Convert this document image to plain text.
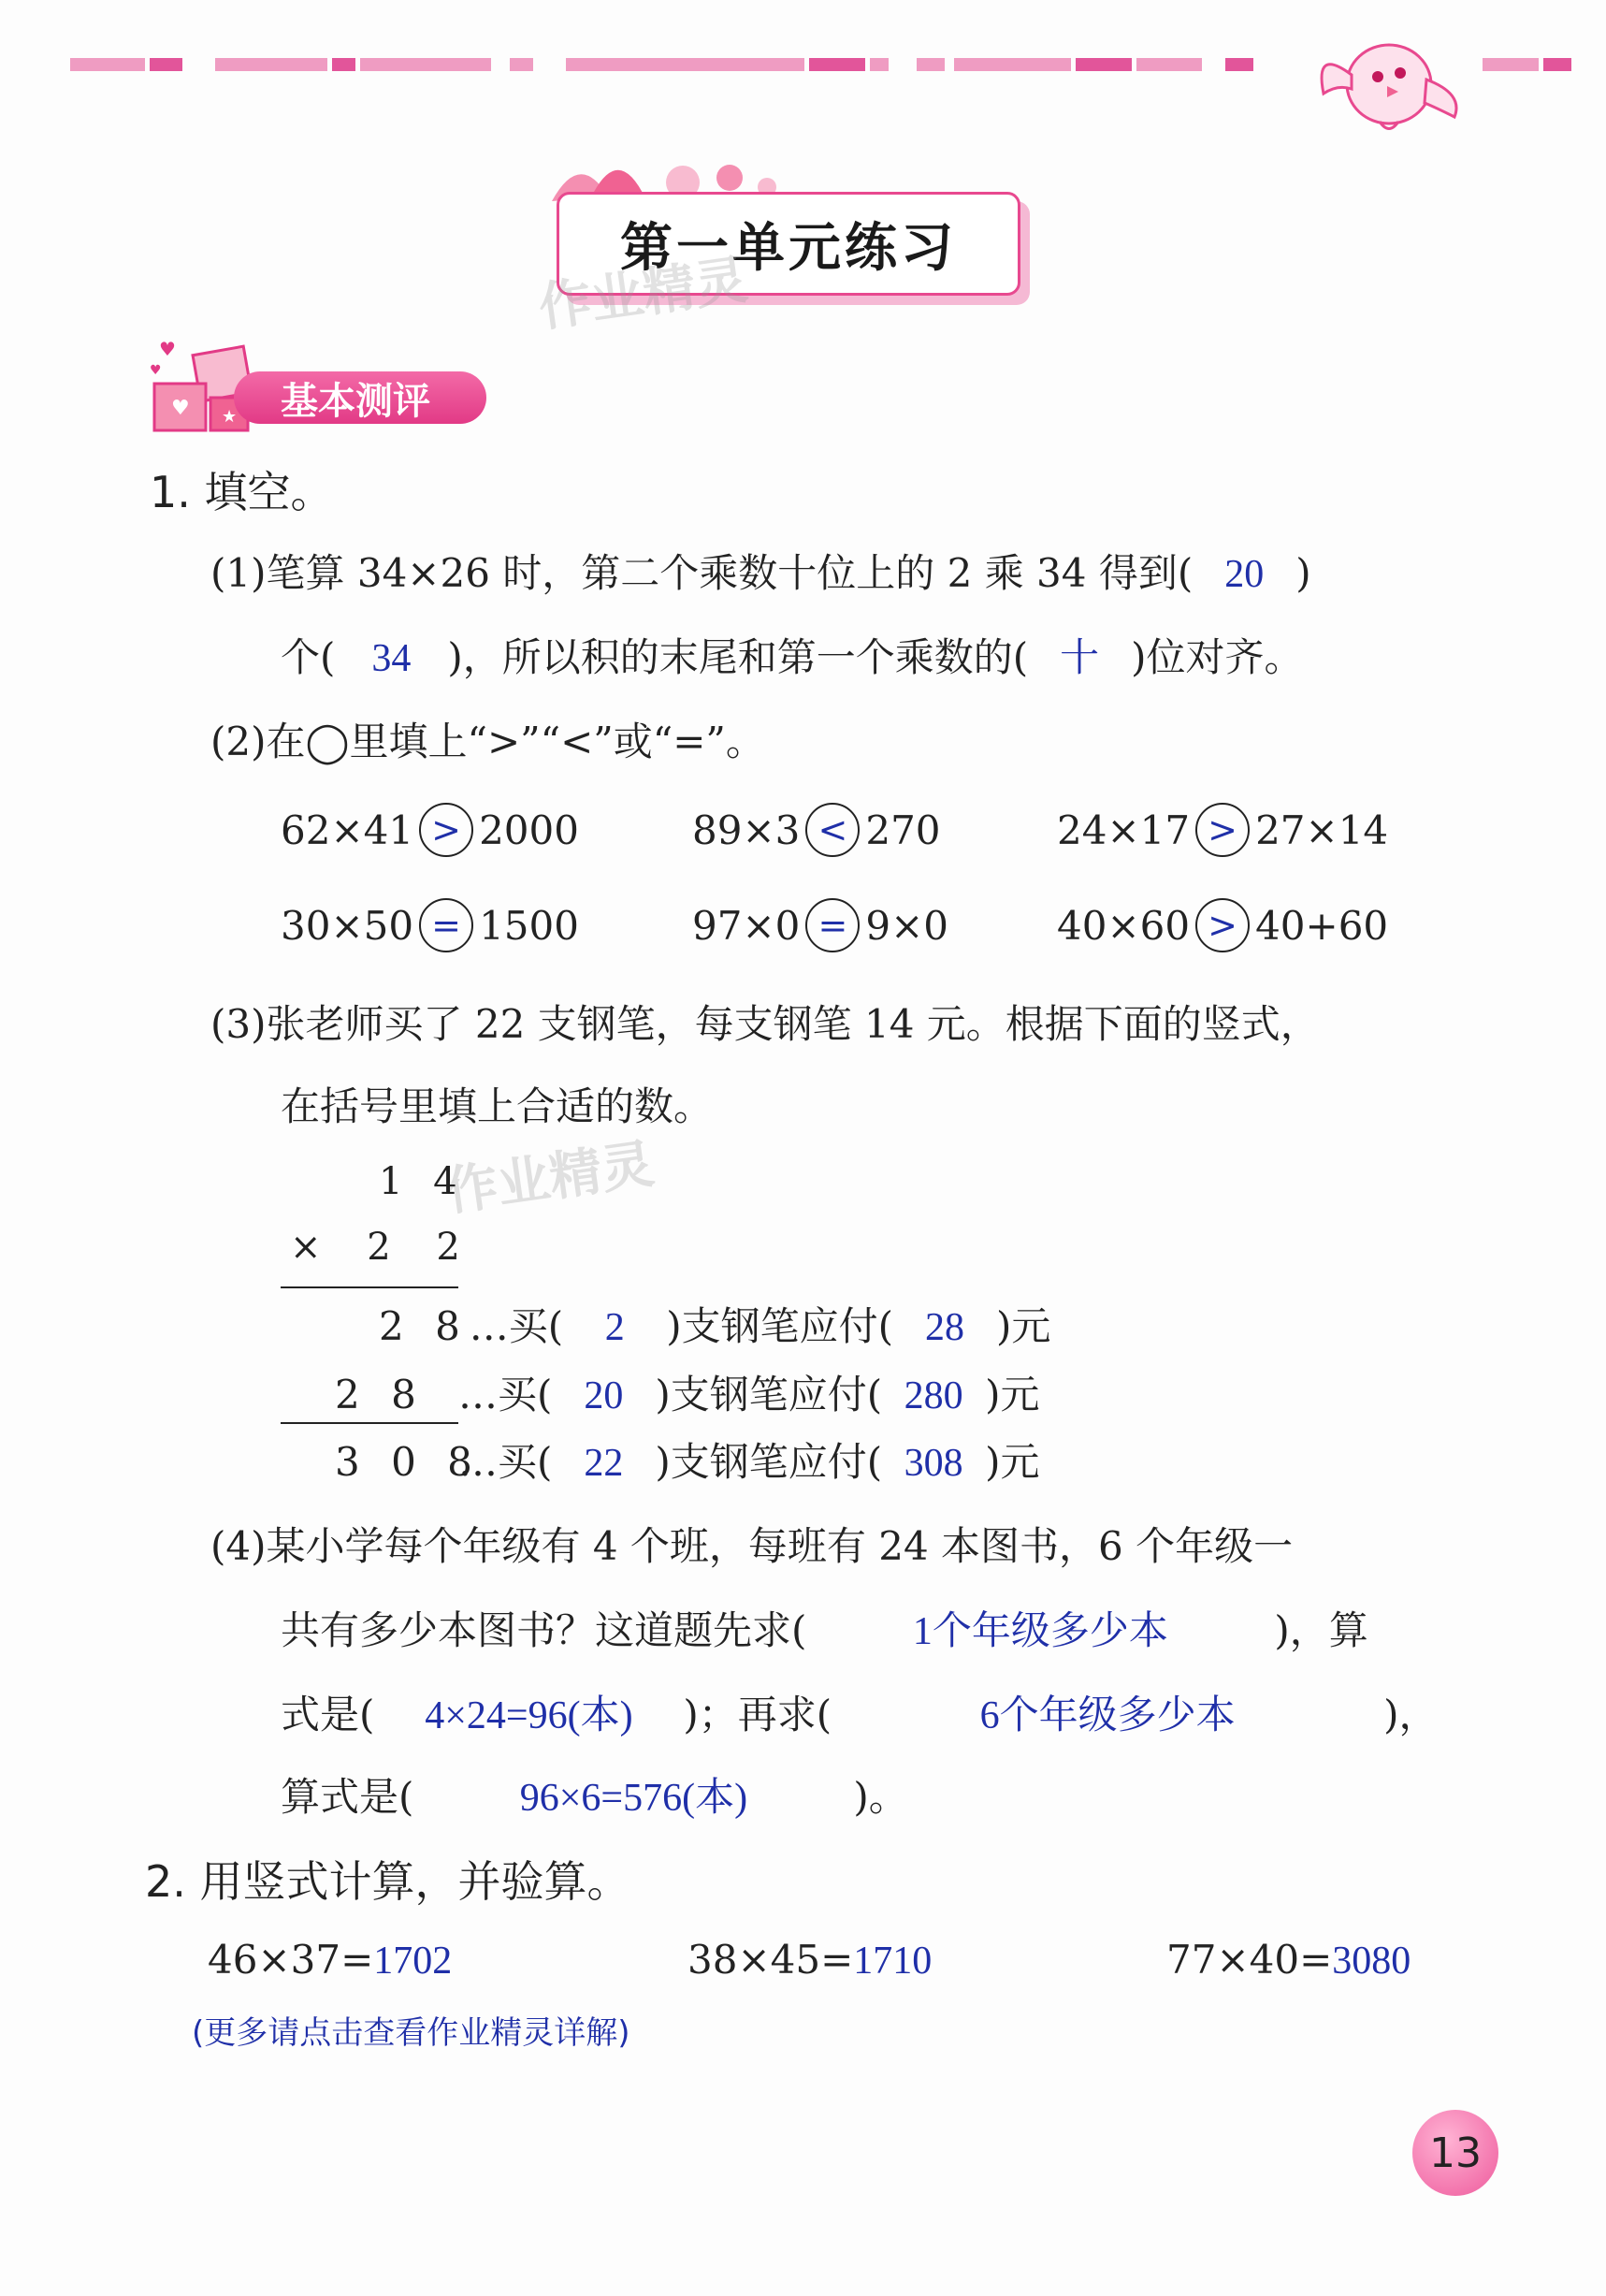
第一单元练习
作业精灵
作业精灵
♥
♥
♥ ★	基本测评
1. 填空。
(1)笔算 34×26 时，第二个乘数十位上的 2 乘 34 得到( 20 )
个( 34 )，所以积的末尾和第一个乘数的( 十 )位对齐。
(2)在◯里填上“>”“<”或“=”。
62×41 > 2000	89×3 < 270	24×17 > 27×14
30×50 = 1500	97×0 = 9×0	40×60 > 40+60
(3)张老师买了 22 支钢笔，每支钢笔 14 元。根据下面的竖式，
在括号里填上合适的数。
1 4
× 2 2
2 8…买( 2 )支钢笔应付( 28 )元
2 8 …买( 20 )支钢笔应付( 280 )元
3 0 8…买( 22 )支钢笔应付( 308 )元
(4)某小学每个年级有 4 个班，每班有 24 本图书，6 个年级一
共有多少本图书？这道题先求(	1个年级多少本	)，算
式是( 4×24=96(本) )；再求(	6个年级多少本	)，
算式是(	96×6=576(本)	)。
2. 用竖式计算，并验算。
46×37=1702	38×45=1710	77×40=3080
(更多请点击查看作业精灵详解)
13
